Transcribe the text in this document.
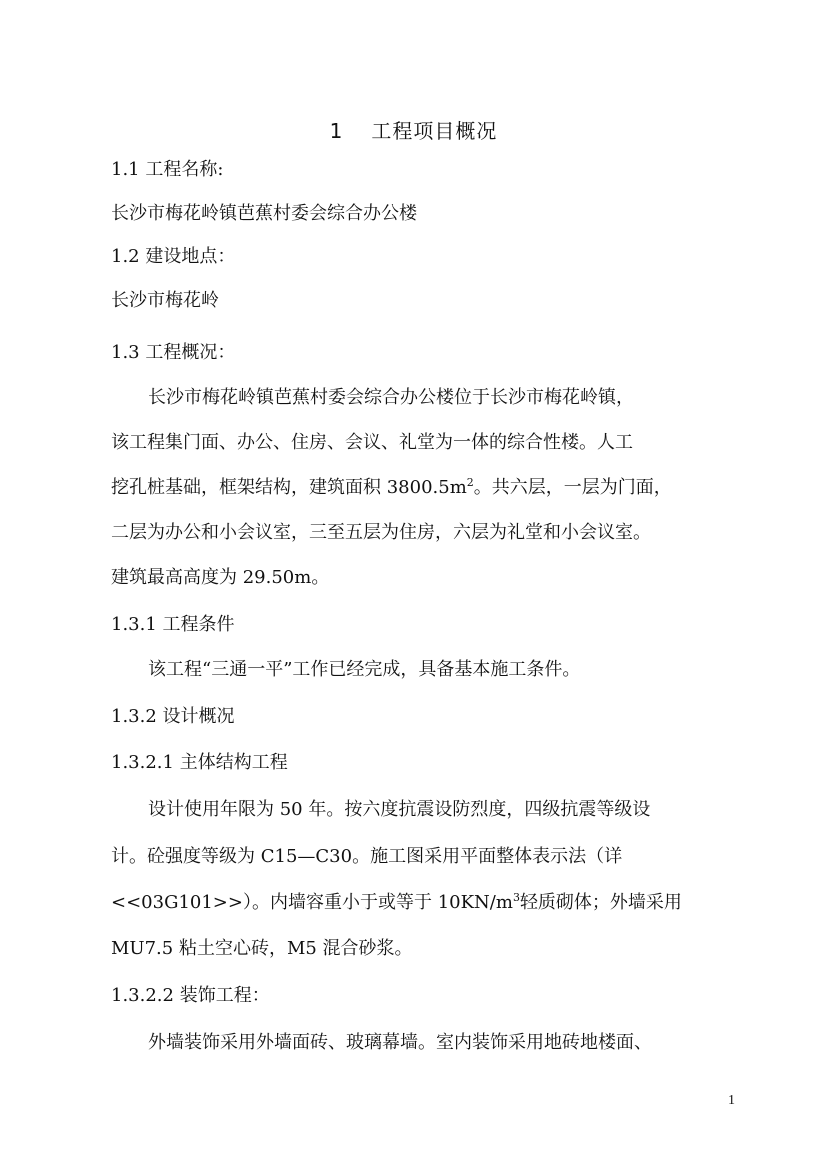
1 工程项目概况
1.1 工程名称:
长沙市梅花岭镇芭蕉村委会综合办公楼
1.2 建设地点：
长沙市梅花岭
1.3 工程概况：
长沙市梅花岭镇芭蕉村委会综合办公楼位于长沙市梅花岭镇，
该工程集门面、办公、住房、会议、礼堂为一体的综合性楼。人工
挖孔桩基础，框架结构，建筑面积 $3800.5m^2$。共六层，一层为门面，
二层为办公和小会议室，三至五层为住房，六层为礼堂和小会议室。
建筑最高高度为 29.50m。
1.3.1 工程条件
该工程“三通一平”工作已经完成，具备基本施工条件。
1.3.2 设计概况
1.3.2.1 主体结构工程
设计使用年限为 50 年。按六度抗震设防烈度，四级抗震等级设
计。砼强度等级为 C15—C30。施工图采用平面整体表示法（详
<<03G101>>）。内墙容重小于或等于 $10KN/m^3$轻质砌体；外墙采用
MU7.5 粘土空心砖，M5 混合砂浆。
1.3.2.2 装饰工程：
外墙装饰采用外墙面砖、玻璃幕墙。室内装饰采用地砖地楼面、
1
